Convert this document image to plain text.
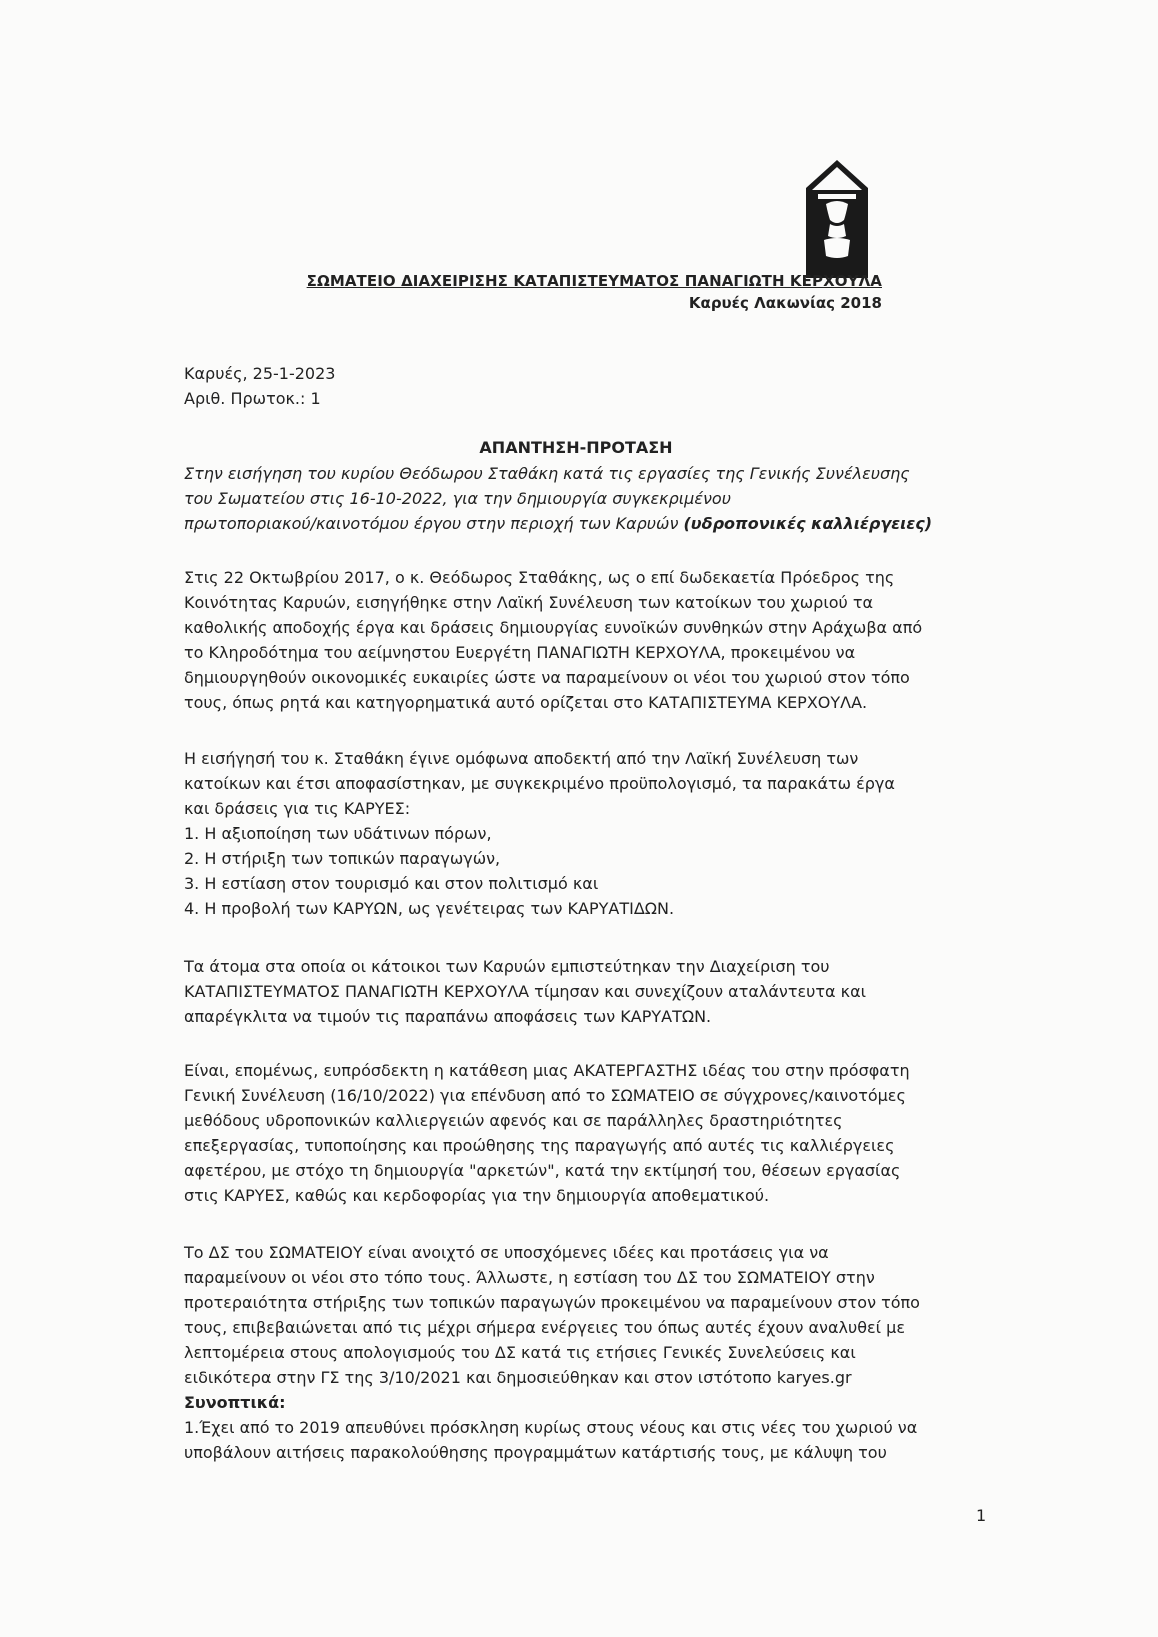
ΣΩΜΑΤΕΙΟ ΔΙΑΧΕΙΡΙΣΗΣ ΚΑΤΑΠΙΣΤΕΥΜΑΤΟΣ ΠΑΝΑΓΙΩΤΗ ΚΕΡΧΟΥΛΑ
Καρυές Λακωνίας 2018
Καρυές, 25-1-2023
Αριθ. Πρωτοκ.: 1
ΑΠΑΝΤΗΣΗ-ΠΡΟΤΑΣΗ
Στην εισήγηση του κυρίου Θεόδωρου Σταθάκη κατά τις εργασίες της Γενικής Συνέλευσης
του Σωματείου στις 16-10-2022, για την δημιουργία συγκεκριμένου
πρωτοποριακού/καινοτόμου έργου στην περιοχή των Καρυών (υδροπονικές καλλιέργειες)
Στις 22 Οκτωβρίου 2017, ο κ. Θεόδωρος Σταθάκης, ως ο επί δωδεκαετία Πρόεδρος της
Κοινότητας Καρυών, εισηγήθηκε στην Λαϊκή Συνέλευση των κατοίκων του χωριού τα
καθολικής αποδοχής έργα και δράσεις δημιουργίας ευνοϊκών συνθηκών στην Αράχωβα από
το Κληροδότημα του αείμνηστου Ευεργέτη ΠΑΝΑΓΙΩΤΗ ΚΕΡΧΟΥΛΑ, προκειμένου να
δημιουργηθούν οικονομικές ευκαιρίες ώστε να παραμείνουν οι νέοι του χωριού στον τόπο
τους, όπως ρητά και κατηγορηματικά αυτό ορίζεται στο ΚΑΤΑΠΙΣΤΕΥΜΑ ΚΕΡΧΟΥΛΑ.
Η εισήγησή του κ. Σταθάκη έγινε ομόφωνα αποδεκτή από την Λαϊκή Συνέλευση των
κατοίκων και έτσι αποφασίστηκαν, με συγκεκριμένο προϋπολογισμό, τα παρακάτω έργα
και δράσεις για τις ΚΑΡΥΕΣ:
1. Η αξιοποίηση των υδάτινων πόρων,
2. Η στήριξη των τοπικών παραγωγών,
3. Η εστίαση στον τουρισμό και στον πολιτισμό και
4. Η προβολή των ΚΑΡΥΩΝ, ως γενέτειρας των ΚΑΡΥΑΤΙΔΩΝ.
Τα άτομα στα οποία οι κάτοικοι των Καρυών εμπιστεύτηκαν την Διαχείριση του
ΚΑΤΑΠΙΣΤΕΥΜΑΤΟΣ ΠΑΝΑΓΙΩΤΗ ΚΕΡΧΟΥΛΑ τίμησαν και συνεχίζουν αταλάντευτα και
απαρέγκλιτα να τιμούν τις παραπάνω αποφάσεις των ΚΑΡΥΑΤΩΝ.
Είναι, επομένως, ευπρόσδεκτη η κατάθεση μιας ΑΚΑΤΕΡΓΑΣΤΗΣ ιδέας του στην πρόσφατη
Γενική Συνέλευση (16/10/2022) για επένδυση από το ΣΩΜΑΤΕΙΟ σε σύγχρονες/καινοτόμες
μεθόδους υδροπονικών καλλιεργειών αφενός και σε παράλληλες δραστηριότητες
επεξεργασίας, τυποποίησης και προώθησης της παραγωγής από αυτές τις καλλιέργειες
αφετέρου, με στόχο τη δημιουργία "αρκετών", κατά την εκτίμησή του, θέσεων εργασίας
στις ΚΑΡΥΕΣ, καθώς και κερδοφορίας για την δημιουργία αποθεματικού.
Το ΔΣ του ΣΩΜΑΤΕΙΟΥ είναι ανοιχτό σε υποσχόμενες ιδέες και προτάσεις για να
παραμείνουν οι νέοι στο τόπο τους. Άλλωστε, η εστίαση του ΔΣ του ΣΩΜΑΤΕΙΟΥ στην
προτεραιότητα στήριξης των τοπικών παραγωγών προκειμένου να παραμείνουν στον τόπο
τους, επιβεβαιώνεται από τις μέχρι σήμερα ενέργειες του όπως αυτές έχουν αναλυθεί με
λεπτομέρεια στους απολογισμούς του ΔΣ κατά τις ετήσιες Γενικές Συνελεύσεις και
ειδικότερα στην ΓΣ της 3/10/2021 και δημοσιεύθηκαν και στον ιστότοπο karyes.gr
Συνοπτικά:
1.Έχει από το 2019 απευθύνει πρόσκληση κυρίως στους νέους και στις νέες του χωριού να
υποβάλουν αιτήσεις παρακολούθησης προγραμμάτων κατάρτισής τους, με κάλυψη του
1
